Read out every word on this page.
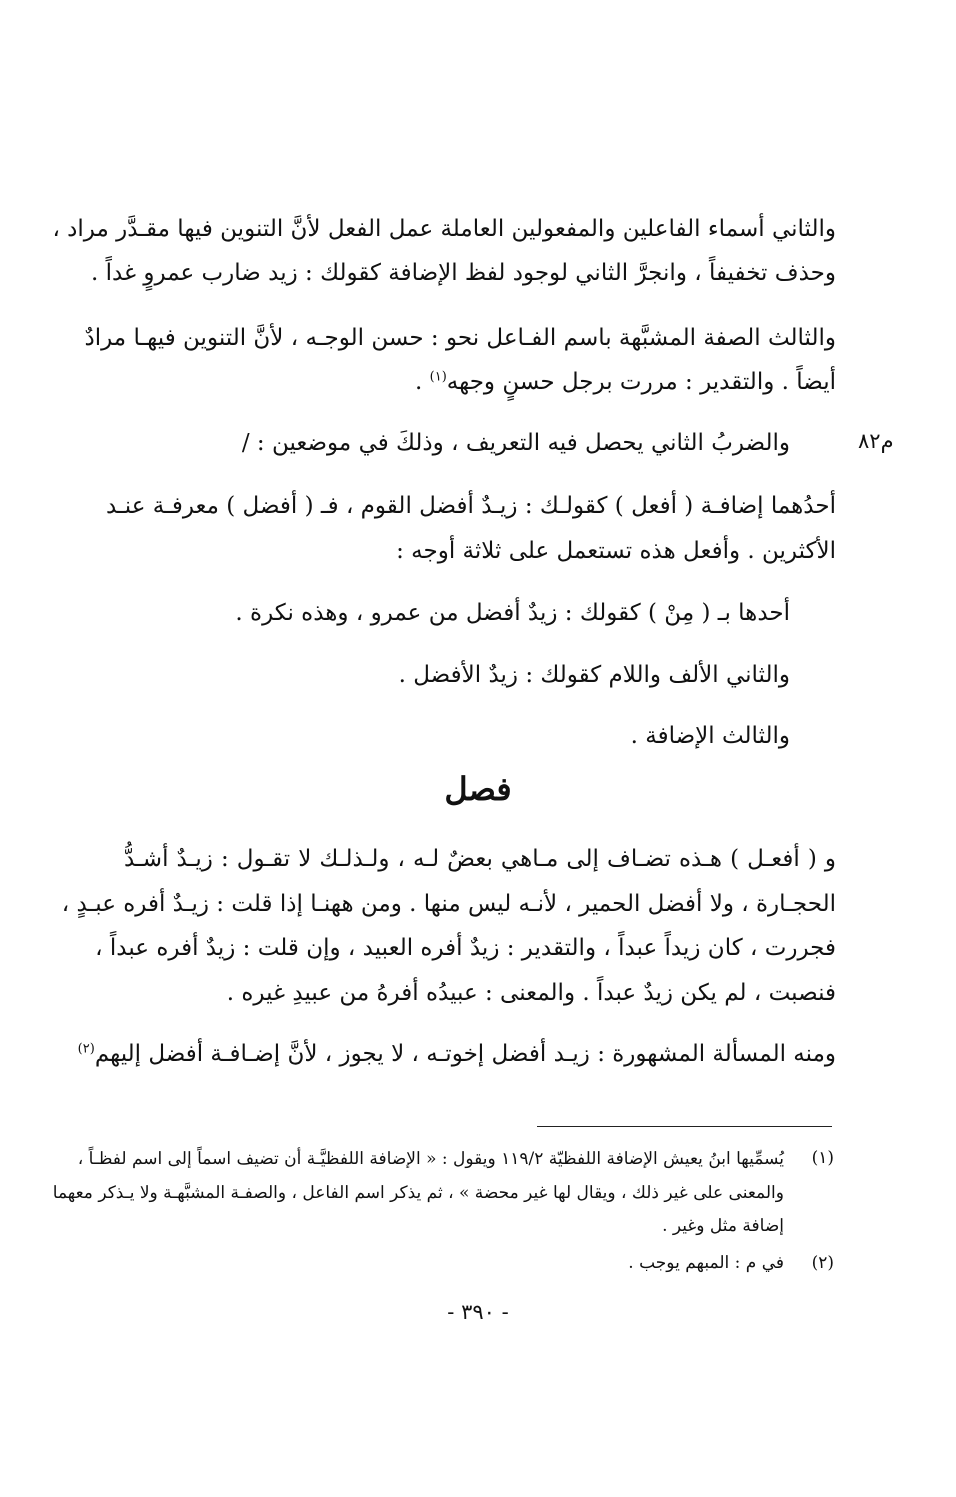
والثاني أسماء الفاعلين والمفعولين العاملة عمل الفعل لأنَّ التنوين فيها مقـدَّر مراد ،
وحذف تخفيفاً ، وانجرَّ الثاني لوجود لفظ الإضافة كقولك : زيد ضارب عمروٍ غداً .
والثالث الصفة المشبَّهة باسم الفـاعل نحو : حسن الوجـه ، لأنَّ التنوين فيهـا مرادٌ
أيضاً . والتقدير : مررت برجل حسنٍ وجهه$^{(١)}$ .
م٨٢
والضربُ الثاني يحصل فيه التعريف ، وذلكَ في موضعين : /
أحدُهما إضافـة ( أفعل ) كقولـك : زيـدٌ أفضل القوم ، فـ ( أفضل ) معرفـة عنـد
الأكثرين . وأفعل هذه تستعمل على ثلاثة أوجه :
أحدها بـ ( مِنْ ) كقولك : زيدٌ أفضل من عمرو ، وهذه نكرة .
والثاني الألف واللام كقولك : زيدٌ الأفضل .
والثالث الإضافة .
فصل
و ( أفعـل ) هـذه تضـاف إلى مـاهي بعضٌ لـه ، ولـذلـك لا تقـول : زيـدٌ أشـدُّ
الحجـارة ، ولا أفضل الحمير ، لأنـه ليس منها . ومن ههنـا إذا قلت : زيـدٌ أفره عبـدٍ ،
فجررت ، كان زيداً عبداً ، والتقدير : زيدٌ أفره العبيد ، وإن قلت : زيدٌ أفره عبداً ،
فنصبت ، لم يكن زيدٌ عبداً . والمعنى : عبيدُه أفرهُ من عبيدِ غيره .
ومنه المسألة المشهورة : زيـد أفضل إخوتـه ، لا يجوز ، لأنَّ إضـافـة أفضل إليهم$^{(٢)}$
(١)
يُسمِّيها ابنُ يعيش الإضافة اللفظيّة ١١٩/٢ ويقول : « الإضافة اللفظيَّـة أن تضيف اسماً إلى اسم لفظـاً ،
والمعنى على غير ذلك ، ويقال لها غير محضة » ، ثم يذكر اسم الفاعل ، والصفـة المشبَّهـة ولا يـذكر معهما
إضافة مثل وغير .
(٢)
في م : المبهم يوجب .
- ٣٩٠ -
